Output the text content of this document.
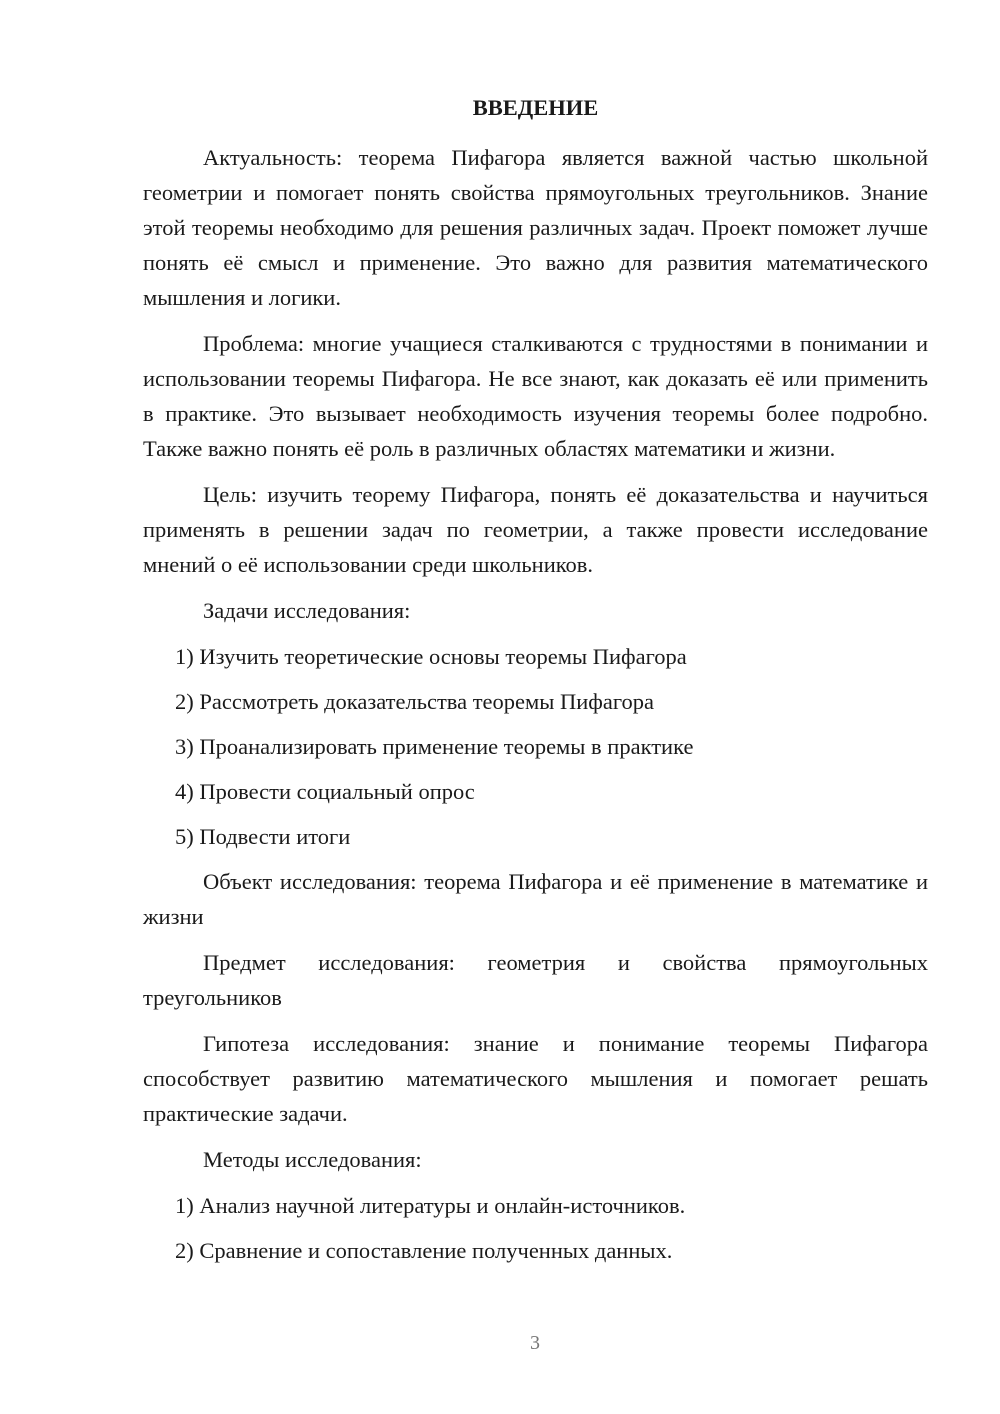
ВВЕДЕНИЕ

Актуальность: теорема Пифагора является важной частью школьной геометрии и помогает понять свойства прямоугольных треугольников. Знание этой теоремы необходимо для решения различных задач. Проект поможет лучше понять её смысл и применение. Это важно для развития математического мышления и логики.

Проблема: многие учащиеся сталкиваются с трудностями в понимании и использовании теоремы Пифагора. Не все знают, как доказать её или применить в практике. Это вызывает необходимость изучения теоремы более подробно. Также важно понять её роль в различных областях математики и жизни.

Цель: изучить теорему Пифагора, понять её доказательства и научиться применять в решении задач по геометрии, а также провести исследование мнений о её использовании среди школьников.

Задачи исследования:

1) Изучить теоретические основы теоремы Пифагора
2) Рассмотреть доказательства теоремы Пифагора
3) Проанализировать применение теоремы в практике
4) Провести социальный опрос
5) Подвести итоги

Объект исследования: теорема Пифагора и её применение в математике и жизни

Предмет исследования: геометрия и свойства прямоугольных треугольников

Гипотеза исследования: знание и понимание теоремы Пифагора способствует развитию математического мышления и помогает решать практические задачи.

Методы исследования:

1) Анализ научной литературы и онлайн-источников.
2) Сравнение и сопоставление полученных данных.
3
